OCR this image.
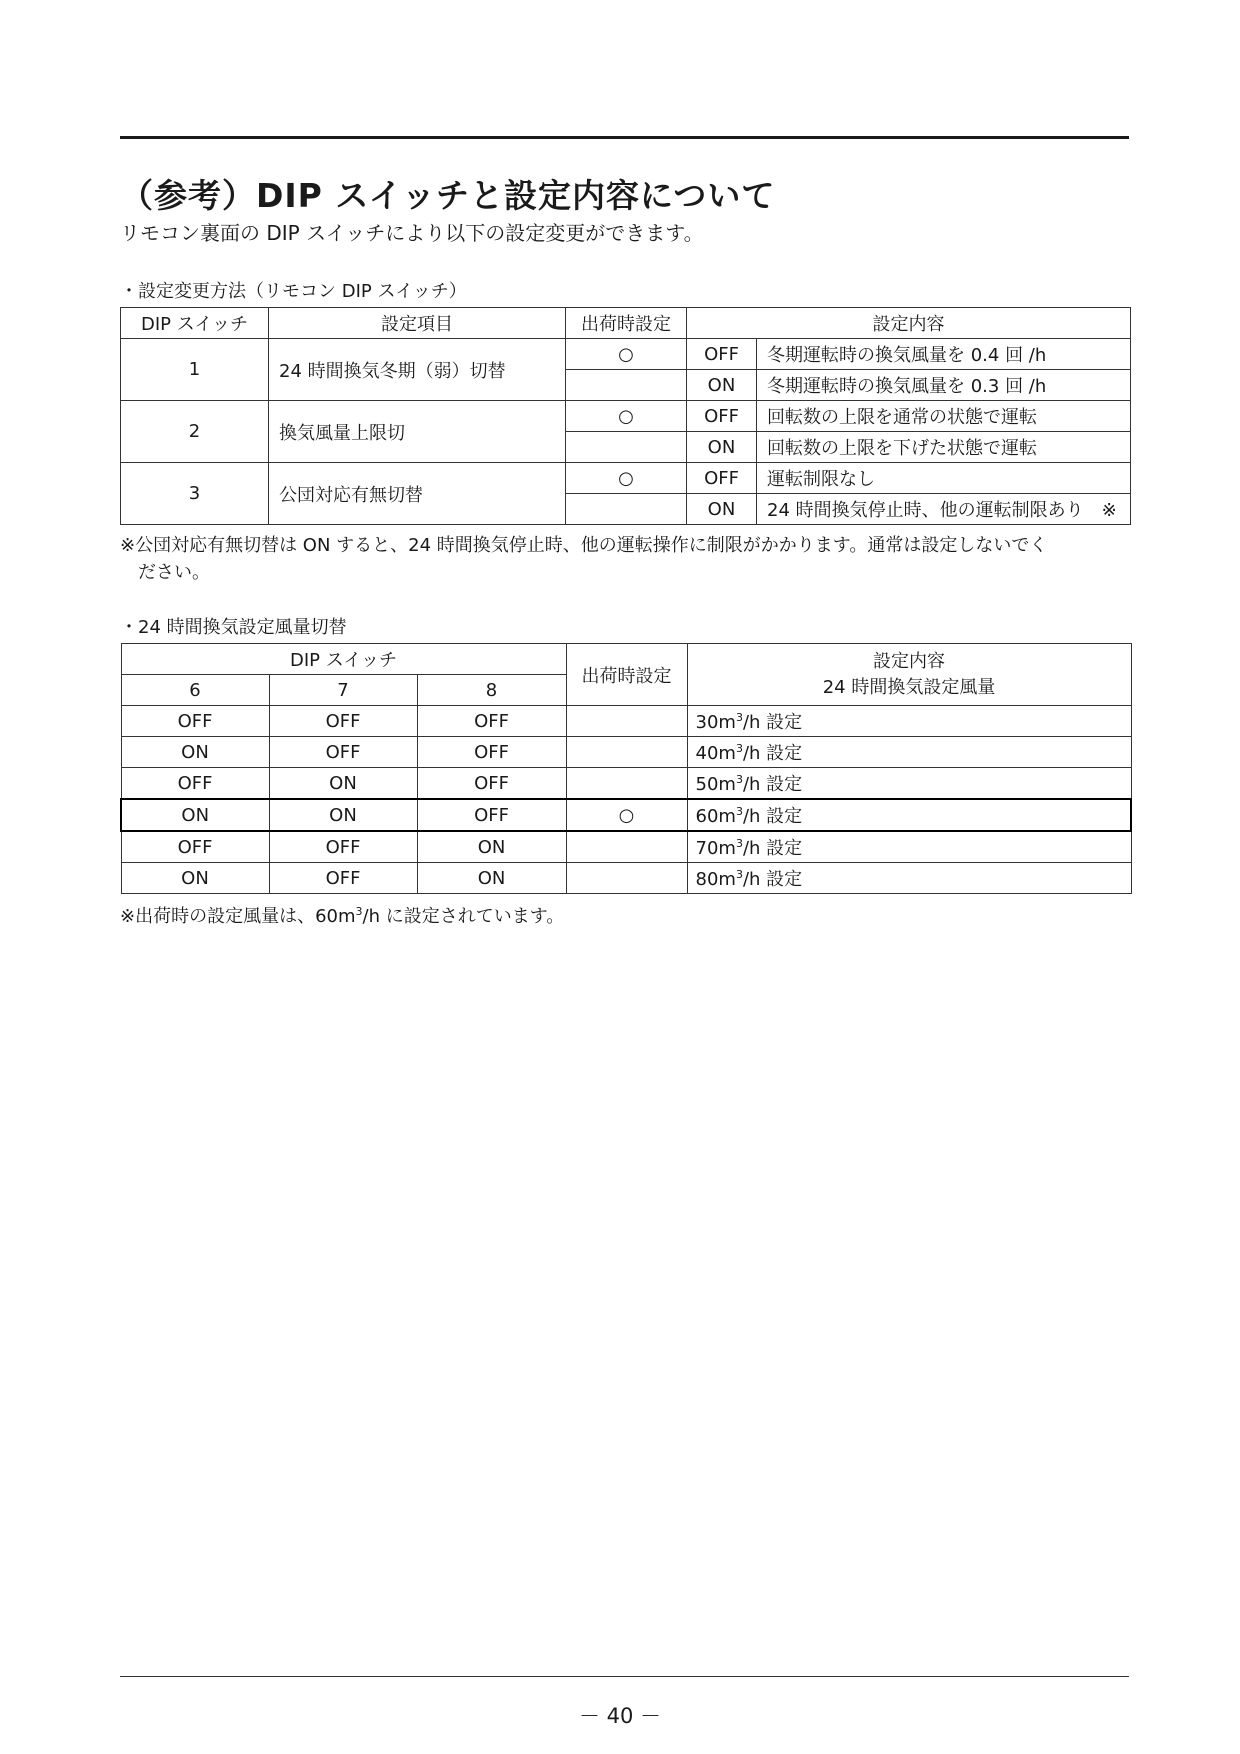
（参考）DIP スイッチと設定内容について
リモコン裏面の DIP スイッチにより以下の設定変更ができます。
・設定変更方法（リモコン DIP スイッチ）
DIP スイッチ	設定項目	出荷時設定	設定内容	
1	24 時間換気冬期（弱）切替	○	OFF	冬期運転時の換気風量を 0.4 回 /h
			ON	冬期運転時の換気風量を 0.3 回 /h
2	換気風量上限切	○	OFF	回転数の上限を通常の状態で運転
			ON	回転数の上限を下げた状態で運転
3	公団対応有無切替	○	OFF	運転制限なし
			ON	24 時間換気停止時、他の運転制限あり　※
※公団対応有無切替は ON すると、24 時間換気停止時、他の運転操作に制限がかかります。通常は設定しないでく
ださい。
・24 時間換気設定風量切替
DIP スイッチ			出荷時設定	設定内容
24 時間換気設定風量
6	7	8		
OFF	OFF	OFF		$30m^3/h$ 設定
ON	OFF	OFF		$40m^3/h$ 設定
OFF	ON	OFF		$50m^3/h$ 設定
ON	ON	OFF	○	$60m^3/h$ 設定
OFF	OFF	ON		$70m^3/h$ 設定
ON	OFF	ON		$80m^3/h$ 設定
※出荷時の設定風量は、$60m^3/h$ に設定されています。
－ 40 －
